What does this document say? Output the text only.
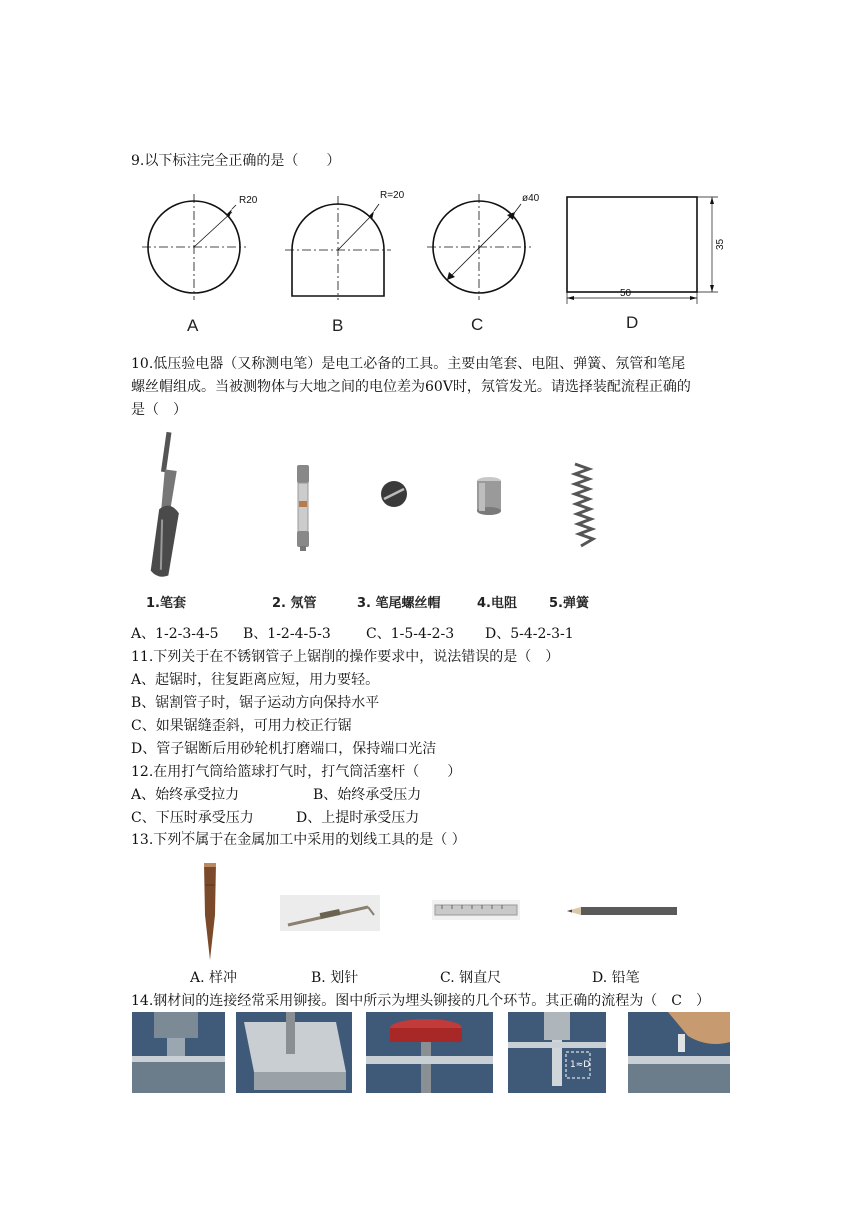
9.以下标注完全正确的是（　　）
R20	R=20	ø40
35
50
A	B	C	D
10.低压验电器（又称测电笔）是电工必备的工具。主要由笔套、电阻、弹簧、氖管和笔尾
螺丝帽组成。当被测物体与大地之间的电位差为60V时，氖管发光。请选择装配流程正确的
是（　）
1.笔套	2. 氖管	3. 笔尾螺丝帽	4.电阻 5.弹簧
A、1-2-3-4-5 B、1-2-4-5-3	C、1-5-4-2-3 D、5-4-2-3-1
11.下列关于在不锈钢管子上锯削的操作要求中，说法错误的是（　）
A、起锯时，往复距离应短，用力要轻。
B、锯割管子时，锯子运动方向保持水平
C、如果锯缝歪斜，可用力校正行锯
D、管子锯断后用砂轮机打磨端口，保持端口光洁
12.在用打气筒给篮球打气时，打气筒活塞杆（　　）
A、始终承受拉力	B、始终承受压力
C、下压时承受压力	D、上提时承受压力
13.下列不属于 · · ·在金属加工中采用的划线工具的是（ ）
A. 样冲	B. 划针	C. 钢直尺	D. 铅笔
14.钢材间的连接经常采用铆接。图中所示为埋头铆接的几个环节。其正确的流程为（　C　）
1≈D
